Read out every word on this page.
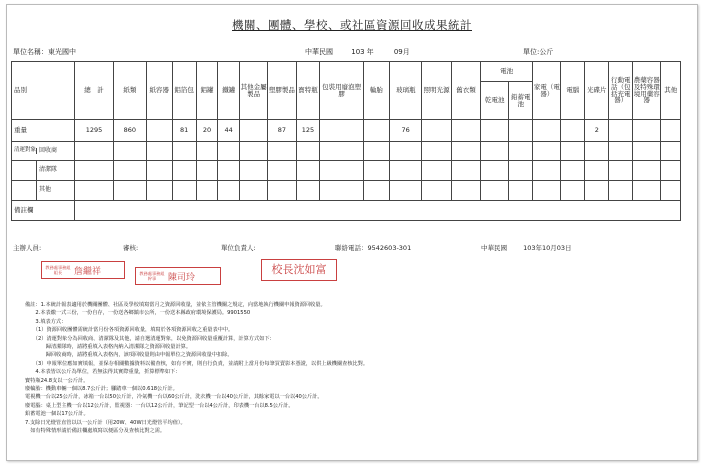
機關、團體、學校、或社區資源回收成果統計
單位名稱：東光國中	中華民國	103 年	09月	單位:公斤
品別	總　計	紙類	紙容器	鋁箔包	鋁罐	鐵罐	其他金屬製品	塑膠製品	寶特瓶	包裝用廢泡塑膠	輪胎	玻璃瓶	照明光源	舊衣類	電池		家電（電器）	電腦	光碟片	行動電話（包括充電器）	農藥容器及特殊環境用藥容器	其他
															乾電池	鉛蓄電池						
重量	1295	860		81	20	44		87	125			76							2			

清運對象 回收商																						

清潔隊																						

其他																						

備註欄																						
主辦人員:	審核:	單位負責人:	聯絡電話：9542603-301	中華民國 103年10月03日
教務處事務組 組長	詹繼祥	教務處事務組 幹事	陳司玲
校長沈如富
備註：1.本統計報表適用於機關團體、社區及學校填寫當月之資源回收量，並依主管機關之規定，向當地執行機關申報資源回收量。
　　2.本表繳一式三份，一份自存，一份送各鄉鎮市公所，一份送本縣政府環境保護局。9901550
　　3.填表方式：
　　（1）資源回收團體需統計當月份各項資源回收量，填寫於各項資源回收之重量表中中。
　　（2）清運對象分為回收商、清潔隊及其他，請自選清運對象，以免資源回收量重覆計算，計算方式如下：
　　　　歸清潔隊時，請將重填入表格內納入清潔隊之資源回收量計算。
　　　　歸回收商時，請將重填入表格內，該項回收量則由申報單位之資源回收量中扣除。
　　（3）申報單位應如實填報，並保存相關數據資料以備查核，如有不實，則自行負責，並請附上當月份每筆買賣影本憑證，以供上級機關查核比對。
　　4.本表皆以公斤為單位，若無法得其實際重量，折算標準如下：
寶特瓶24.8支以一公斤計。
廢輪胎：機動車輛一個以8.7公斤計；腳踏車一個以0.618公斤計。
電視機一台以25公斤計，冰箱一台以50公斤計，冷氣機一台以60公斤計，洗衣機一台以40公斤計，其餘家電以一台以40公斤計。
廢電腦：桌上型主機一台以12公斤計，監視器：一台以12公斤計，筆記型一台以4公斤計，印表機一台以8.5公斤計。
鉛蓄電池一個以17公斤計。
7.支除日光燈管直管以以一公斤計（用20W、40W日光燈管平均值）。
　如有特殊情形請於備註欄處填寫以便區分及查核比對之需。
